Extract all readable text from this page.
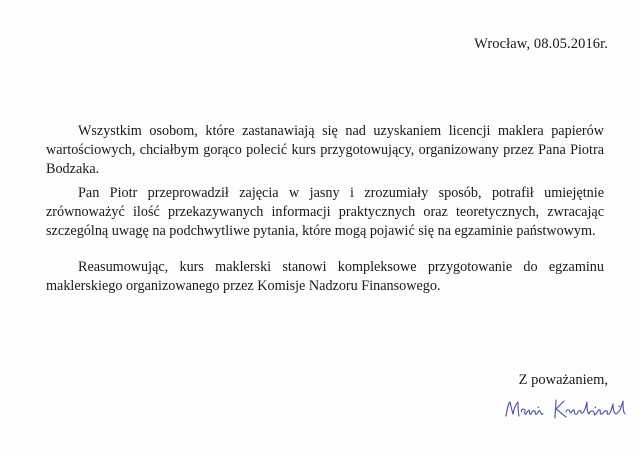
Wrocław, 08.05.2016r.

Wszystkim osobom, które zastanawiają się nad uzyskaniem licencji maklera papierów wartościowych, chciałbym gorąco polecić kurs przygotowujący, organizowany przez Pana Piotra Bodzaka.

Pan Piotr przeprowadził zajęcia w jasny i zrozumiały sposób, potrafił umiejętnie zrównoważyć ilość przekazywanych informacji praktycznych oraz teoretycznych, zwracając szczególną uwagę na podchwytliwe pytania, które mogą pojawić się na egzaminie państwowym.

Reasumowując, kurs maklerski stanowi kompleksowe przygotowanie do egzaminu maklerskiego organizowanego przez Komisje Nadzoru Finansowego.

Z poważaniem,
